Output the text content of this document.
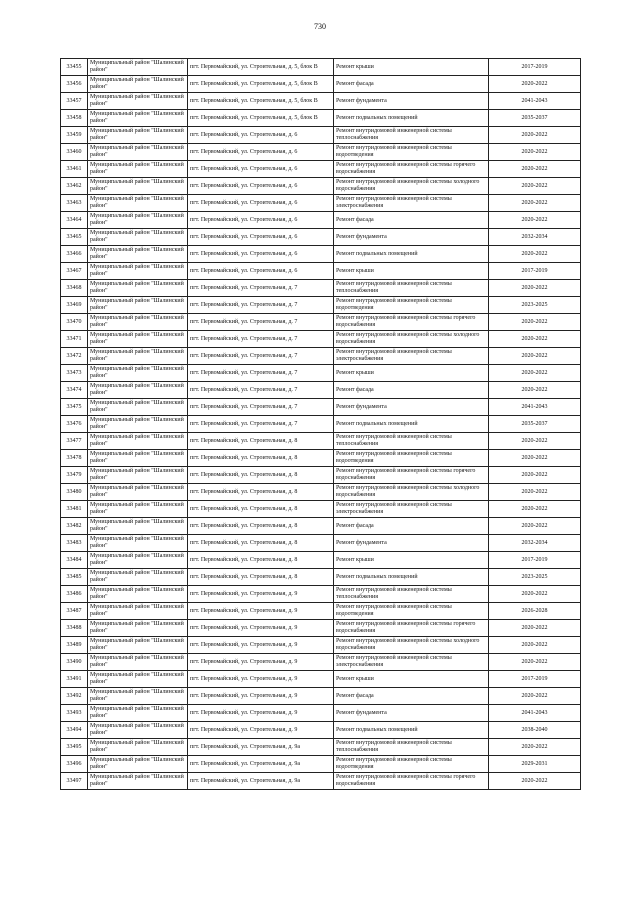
730
33455	Муниципальный район "Шалинский район"	пгт. Первомайский, ул. Строительная, д. 5, блок В	Ремонт крыши	2017-2019
33456	Муниципальный район "Шалинский район"	пгт. Первомайский, ул. Строительная, д. 5, блок В	Ремонт фасада	2020-2022
33457	Муниципальный район "Шалинский район"	пгт. Первомайский, ул. Строительная, д. 5, блок В	Ремонт фундамента	2041-2043
33458	Муниципальный район "Шалинский район"	пгт. Первомайский, ул. Строительная, д. 5, блок В	Ремонт подвальных помещений	2035-2037
33459	Муниципальный район "Шалинский район"	пгт. Первомайский, ул. Строительная, д. 6	Ремонт внутридомовой инженерной системы теплоснабжения	2020-2022
33460	Муниципальный район "Шалинский район"	пгт. Первомайский, ул. Строительная, д. 6	Ремонт внутридомовой инженерной системы водоотведения	2020-2022
33461	Муниципальный район "Шалинский район"	пгт. Первомайский, ул. Строительная, д. 6	Ремонт внутридомовой инженерной системы горячего водоснабжения	2020-2022
33462	Муниципальный район "Шалинский район"	пгт. Первомайский, ул. Строительная, д. 6	Ремонт внутридомовой инженерной системы холодного водоснабжения	2020-2022
33463	Муниципальный район "Шалинский район"	пгт. Первомайский, ул. Строительная, д. 6	Ремонт внутридомовой инженерной системы электроснабжения	2020-2022
33464	Муниципальный район "Шалинский район"	пгт. Первомайский, ул. Строительная, д. 6	Ремонт фасада	2020-2022
33465	Муниципальный район "Шалинский район"	пгт. Первомайский, ул. Строительная, д. 6	Ремонт фундамента	2032-2034
33466	Муниципальный район "Шалинский район"	пгт. Первомайский, ул. Строительная, д. 6	Ремонт подвальных помещений	2020-2022
33467	Муниципальный район "Шалинский район"	пгт. Первомайский, ул. Строительная, д. 6	Ремонт крыши	2017-2019
33468	Муниципальный район "Шалинский район"	пгт. Первомайский, ул. Строительная, д. 7	Ремонт внутридомовой инженерной системы теплоснабжения	2020-2022
33469	Муниципальный район "Шалинский район"	пгт. Первомайский, ул. Строительная, д. 7	Ремонт внутридомовой инженерной системы водоотведения	2023-2025
33470	Муниципальный район "Шалинский район"	пгт. Первомайский, ул. Строительная, д. 7	Ремонт внутридомовой инженерной системы горячего водоснабжения	2020-2022
33471	Муниципальный район "Шалинский район"	пгт. Первомайский, ул. Строительная, д. 7	Ремонт внутридомовой инженерной системы холодного водоснабжения	2020-2022
33472	Муниципальный район "Шалинский район"	пгт. Первомайский, ул. Строительная, д. 7	Ремонт внутридомовой инженерной системы электроснабжения	2020-2022
33473	Муниципальный район "Шалинский район"	пгт. Первомайский, ул. Строительная, д. 7	Ремонт крыши	2020-2022
33474	Муниципальный район "Шалинский район"	пгт. Первомайский, ул. Строительная, д. 7	Ремонт фасада	2020-2022
33475	Муниципальный район "Шалинский район"	пгт. Первомайский, ул. Строительная, д. 7	Ремонт фундамента	2041-2043
33476	Муниципальный район "Шалинский район"	пгт. Первомайский, ул. Строительная, д. 7	Ремонт подвальных помещений	2035-2037
33477	Муниципальный район "Шалинский район"	пгт. Первомайский, ул. Строительная, д. 8	Ремонт внутридомовой инженерной системы теплоснабжения	2020-2022
33478	Муниципальный район "Шалинский район"	пгт. Первомайский, ул. Строительная, д. 8	Ремонт внутридомовой инженерной системы водоотведения	2020-2022
33479	Муниципальный район "Шалинский район"	пгт. Первомайский, ул. Строительная, д. 8	Ремонт внутридомовой инженерной системы горячего водоснабжения	2020-2022
33480	Муниципальный район "Шалинский район"	пгт. Первомайский, ул. Строительная, д. 8	Ремонт внутридомовой инженерной системы холодного водоснабжения	2020-2022
33481	Муниципальный район "Шалинский район"	пгт. Первомайский, ул. Строительная, д. 8	Ремонт внутридомовой инженерной системы электроснабжения	2020-2022
33482	Муниципальный район "Шалинский район"	пгт. Первомайский, ул. Строительная, д. 8	Ремонт фасада	2020-2022
33483	Муниципальный район "Шалинский район"	пгт. Первомайский, ул. Строительная, д. 8	Ремонт фундамента	2032-2034
33484	Муниципальный район "Шалинский район"	пгт. Первомайский, ул. Строительная, д. 8	Ремонт крыши	2017-2019
33485	Муниципальный район "Шалинский район"	пгт. Первомайский, ул. Строительная, д. 8	Ремонт подвальных помещений	2023-2025
33486	Муниципальный район "Шалинский район"	пгт. Первомайский, ул. Строительная, д. 9	Ремонт внутридомовой инженерной системы теплоснабжения	2020-2022
33487	Муниципальный район "Шалинский район"	пгт. Первомайский, ул. Строительная, д. 9	Ремонт внутридомовой инженерной системы водоотведения	2026-2028
33488	Муниципальный район "Шалинский район"	пгт. Первомайский, ул. Строительная, д. 9	Ремонт внутридомовой инженерной системы горячего водоснабжения	2020-2022
33489	Муниципальный район "Шалинский район"	пгт. Первомайский, ул. Строительная, д. 9	Ремонт внутридомовой инженерной системы холодного водоснабжения	2020-2022
33490	Муниципальный район "Шалинский район"	пгт. Первомайский, ул. Строительная, д. 9	Ремонт внутридомовой инженерной системы электроснабжения	2020-2022
33491	Муниципальный район "Шалинский район"	пгт. Первомайский, ул. Строительная, д. 9	Ремонт крыши	2017-2019
33492	Муниципальный район "Шалинский район"	пгт. Первомайский, ул. Строительная, д. 9	Ремонт фасада	2020-2022
33493	Муниципальный район "Шалинский район"	пгт. Первомайский, ул. Строительная, д. 9	Ремонт фундамента	2041-2043
33494	Муниципальный район "Шалинский район"	пгт. Первомайский, ул. Строительная, д. 9	Ремонт подвальных помещений	2038-2040
33495	Муниципальный район "Шалинский район"	пгт. Первомайский, ул. Строительная, д. 9а	Ремонт внутридомовой инженерной системы теплоснабжения	2020-2022
33496	Муниципальный район "Шалинский район"	пгт. Первомайский, ул. Строительная, д. 9а	Ремонт внутридомовой инженерной системы водоотведения	2029-2031
33497	Муниципальный район "Шалинский район"	пгт. Первомайский, ул. Строительная, д. 9а	Ремонт внутридомовой инженерной системы горячего водоснабжения	2020-2022
